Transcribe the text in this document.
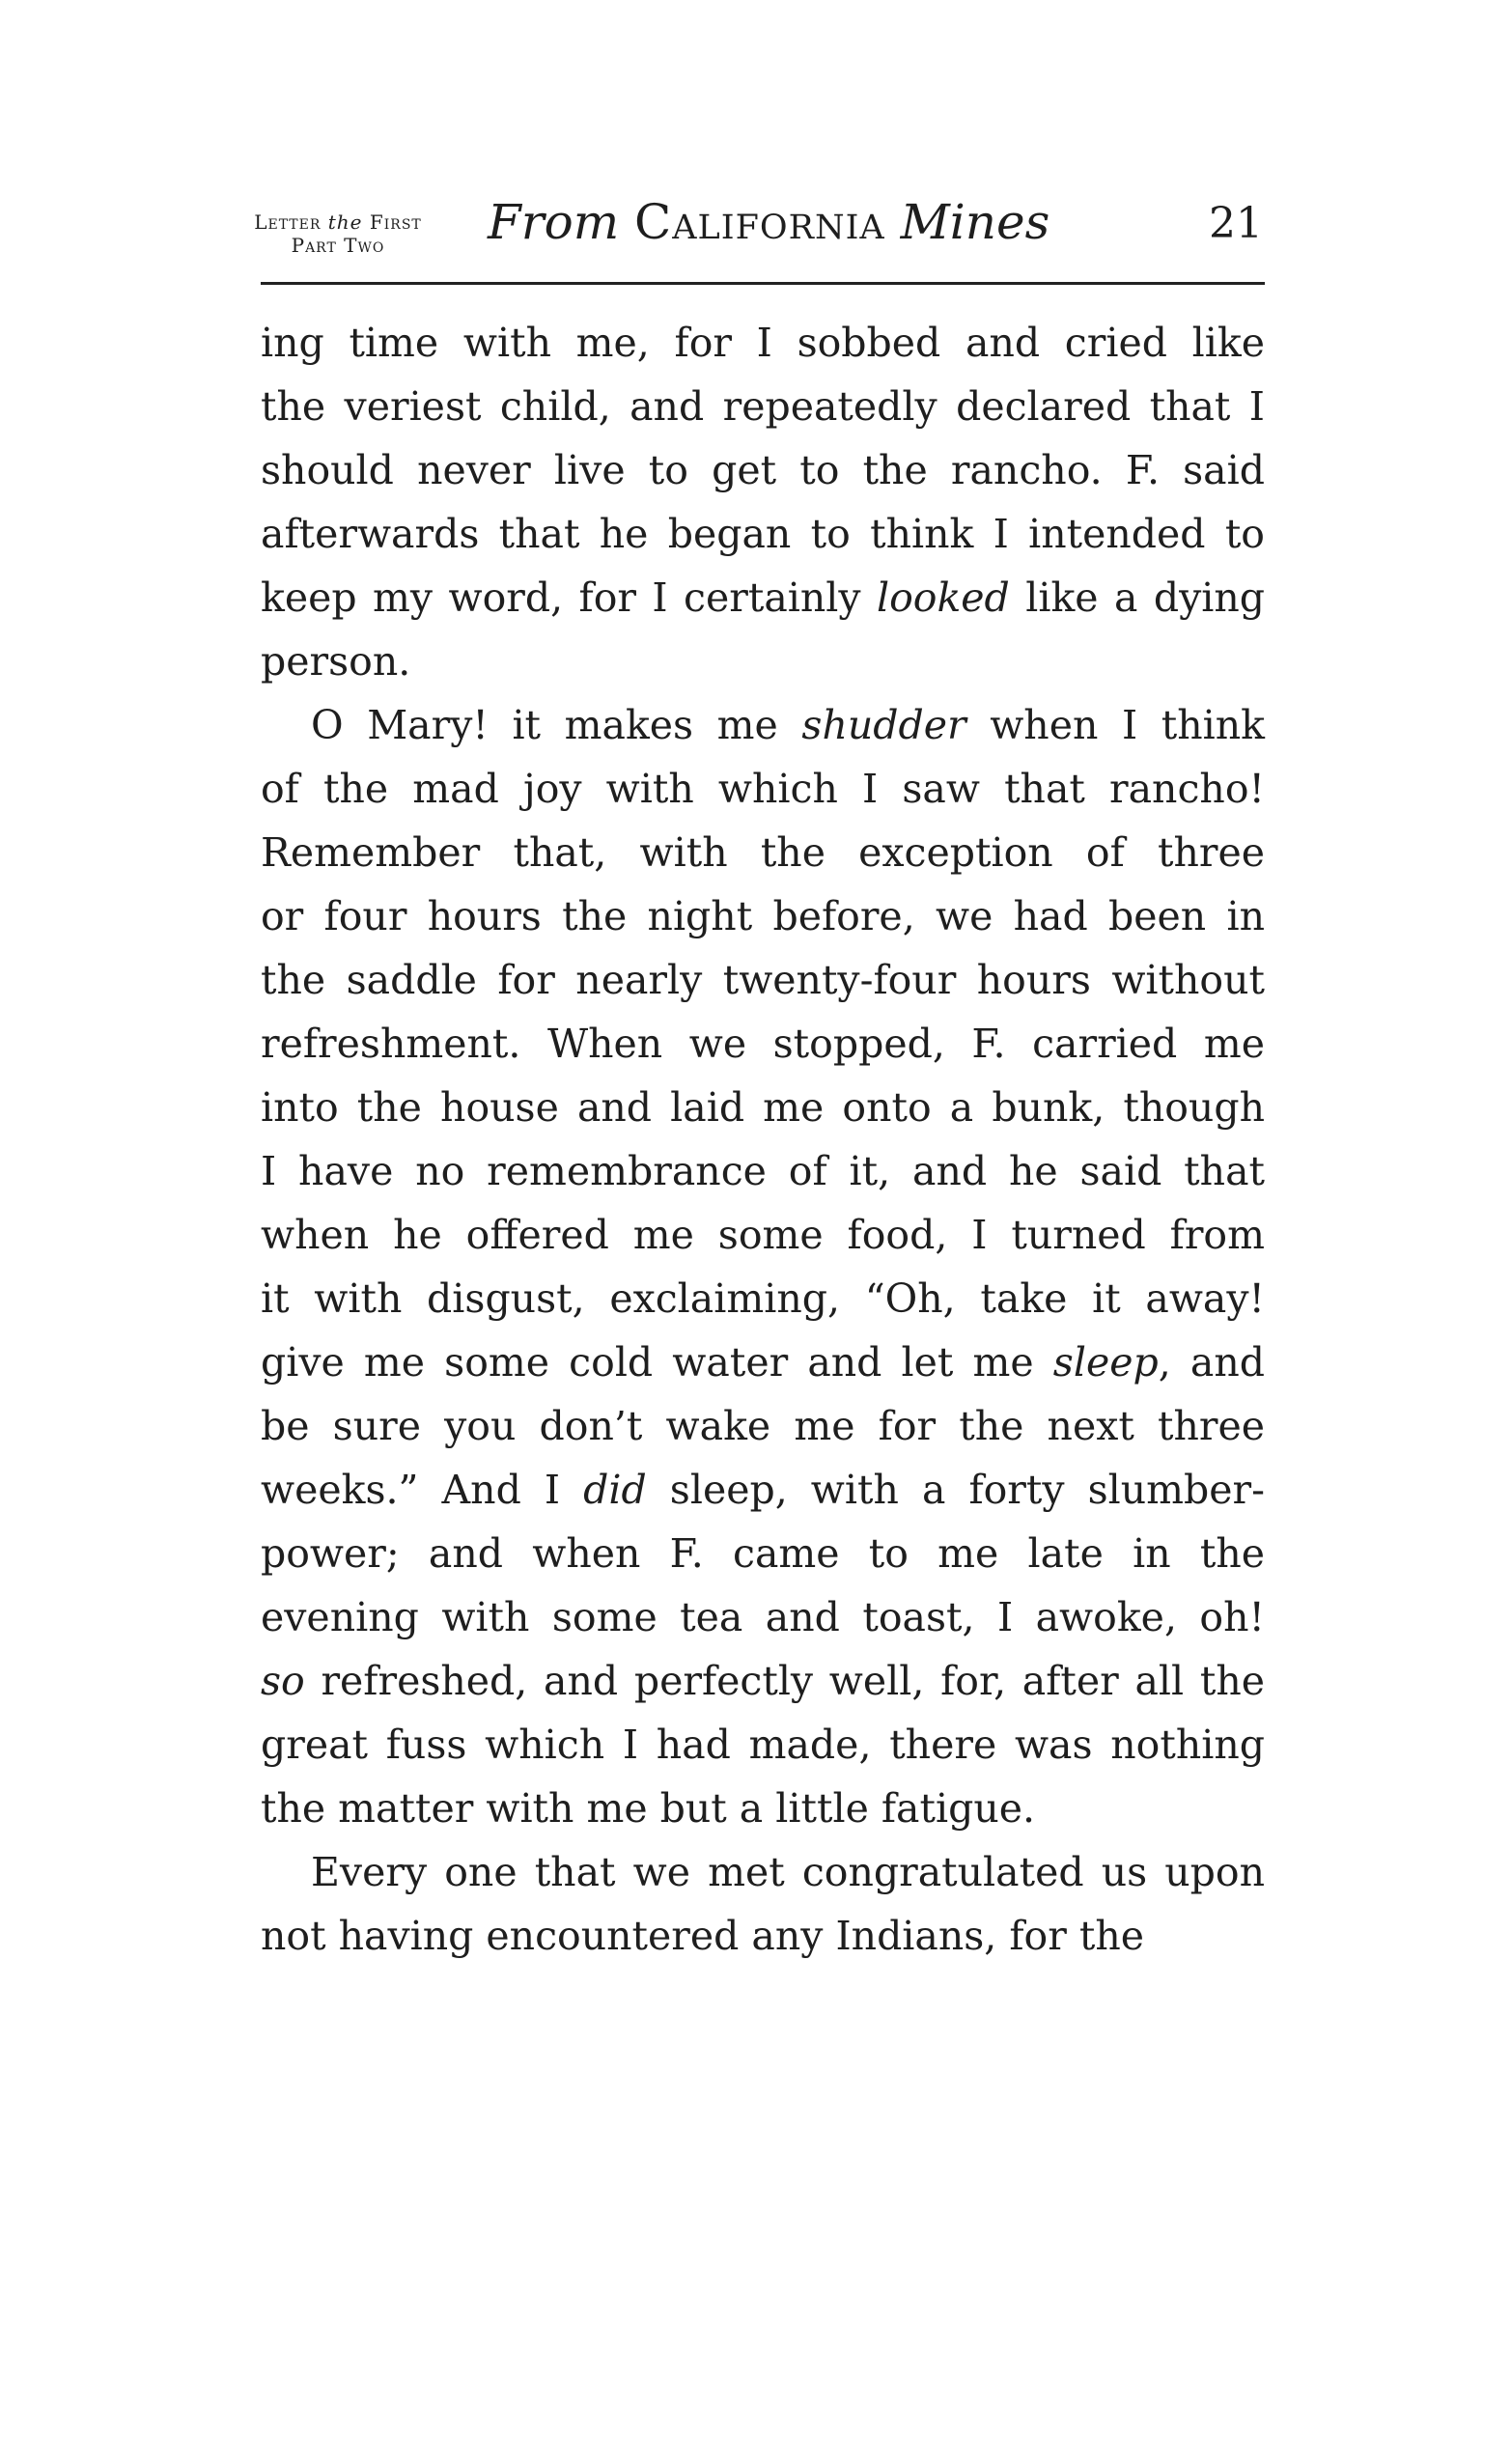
Letter the First
Part Two	From California Mines	21
ing time with me, for I sobbed and cried like
the veriest child, and repeatedly declared that I
should never live to get to the rancho. F. said
afterwards that he began to think I intended to
keep my word, for I certainly looked like a dying
person.
O Mary! it makes me shudder when I think
of the mad joy with which I saw that rancho!
Remember that, with the exception of three
or four hours the night before, we had been in
the saddle for nearly twenty-four hours without
refreshment. When we stopped, F. carried me
into the house and laid me onto a bunk, though
I have no remembrance of it, and he said that
when he offered me some food, I turned from
it with disgust, exclaiming, “Oh, take it away!
give me some cold water and let me sleep, and
be sure you don’t wake me for the next three
weeks.” And I did sleep, with a forty slumber-
power; and when F. came to me late in the
evening with some tea and toast, I awoke, oh!
so refreshed, and perfectly well, for, after all the
great fuss which I had made, there was nothing
the matter with me but a little fatigue.
Every one that we met congratulated us upon
not having encountered any Indians, for the
